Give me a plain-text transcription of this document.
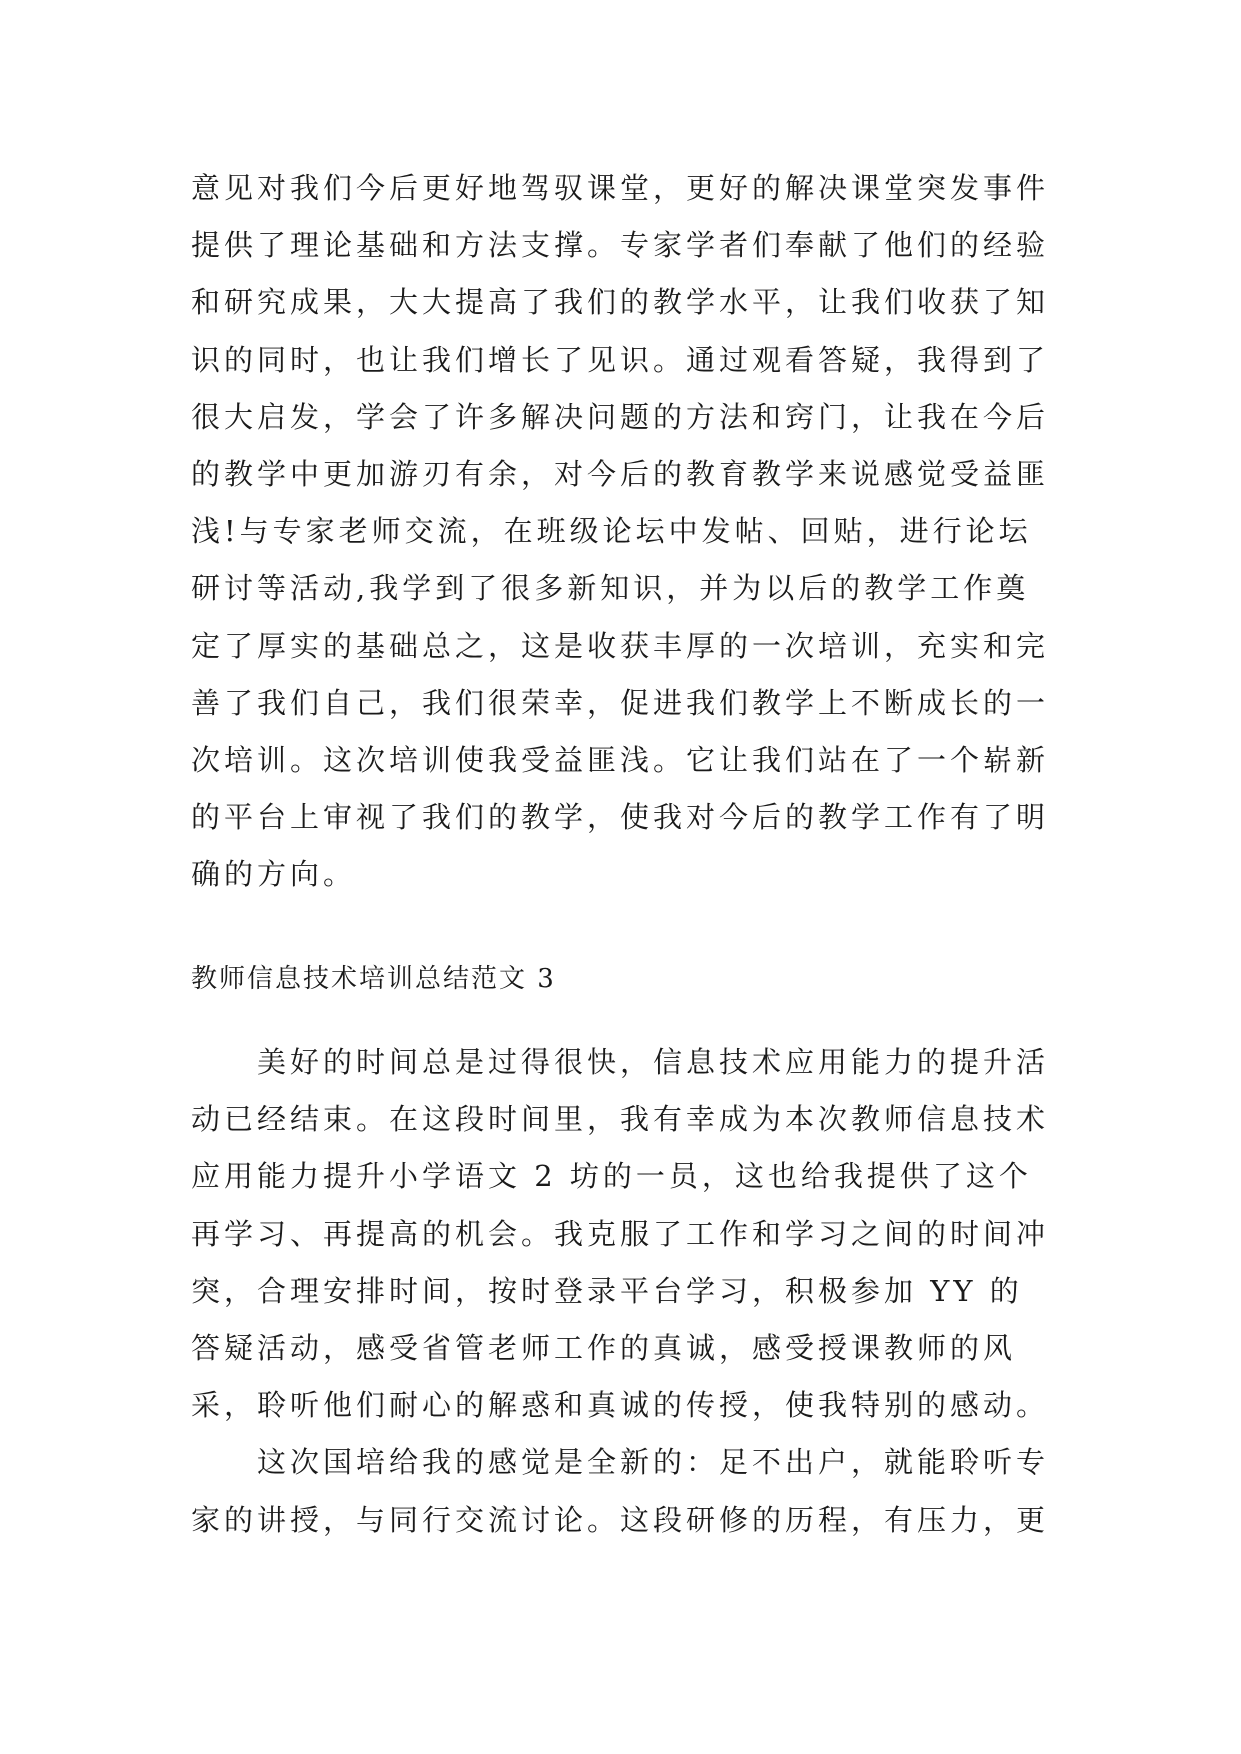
意见对我们今后更好地驾驭课堂，更好的解决课堂突发事件提供了理论基础和方法支撑。专家学者们奉献了他们的经验和研究成果，大大提高了我们的教学水平，让我们收获了知识的同时，也让我们增长了见识。通过观看答疑，我得到了很大启发，学会了许多解决问题的方法和窍门，让我在今后的教学中更加游刃有余，对今后的教育教学来说感觉受益匪浅!与专家老师交流，在班级论坛中发帖、回贴，进行论坛研讨等活动,我学到了很多新知识，并为以后的教学工作奠定了厚实的基础总之，这是收获丰厚的一次培训，充实和完善了我们自己，我们很荣幸，促进我们教学上不断成长的一次培训。这次培训使我受益匪浅。它让我们站在了一个崭新的平台上审视了我们的教学，使我对今后的教学工作有了明确的方向。

教师信息技术培训总结范文 3

美好的时间总是过得很快，信息技术应用能力的提升活动已经结束。在这段时间里，我有幸成为本次教师信息技术应用能力提升小学语文 2 坊的一员，这也给我提供了这个再学习、再提高的机会。我克服了工作和学习之间的时间冲突，合理安排时间，按时登录平台学习，积极参加 YY 的答疑活动，感受省管老师工作的真诚，感受授课教师的风采，聆听他们耐心的解惑和真诚的传授，使我特别的感动。

这次国培给我的感觉是全新的：足不出户，就能聆听专家的讲授，与同行交流讨论。这段研修的历程，有压力，更
